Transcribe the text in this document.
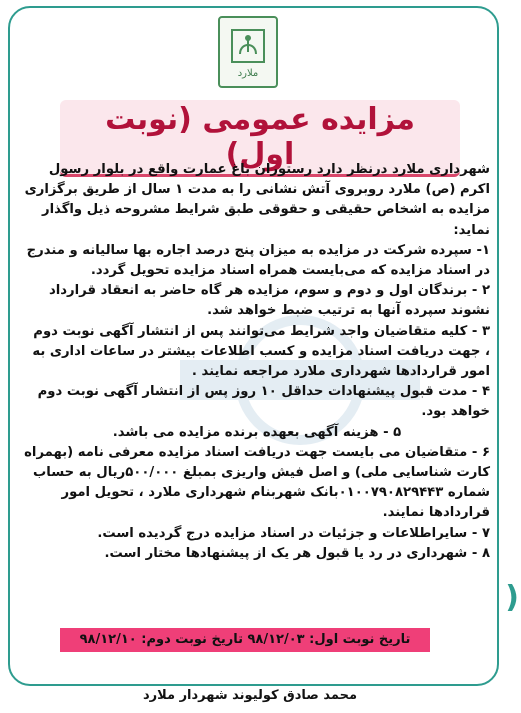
ملارد
مزایده عمومی (نوبت اول)

شهرداری ملارد درنظر دارد رستوران باغ عمارت واقع در بلوار رسول اکرم (ص) ملارد روبروی آتش نشانی را به مدت ۱ سال از طریق برگزاری مزایده به اشخاص حقیقی و حقوقی طبق شرایط مشروحه ذیل واگذار نماید:

۱- سپرده شرکت در مزایده به میزان پنج درصد اجاره بها سالیانه و مندرج در اسناد مزایده که می‌بایست همراه اسناد مزایده تحویل گردد.

۲ - برندگان اول و دوم و سوم، مزایده هر گاه حاضر به انعقاد قرارداد نشوند سپرده آنها به ترتیب ضبط خواهد شد.

۳ - کلیه متقاضیان واجد شرایط می‌توانند پس از انتشار آگهی نوبت دوم ، جهت دریافت اسناد مزایده و کسب اطلاعات بیشتر در ساعات اداری به امور قراردادها شهرداری ملارد مراجعه نمایند .

۴ - مدت قبول پیشنهادات حداقل ۱۰ روز پس از انتشار آگهی نوبت دوم خواهد بود.

۵ - هزینه آگهی بعهده برنده مزایده می باشد.

۶ - متقاضیان می بایست جهت دریافت اسناد مزایده معرفی نامه (بهمراه کارت شناسایی ملی) و اصل فیش واریزی بمبلغ ۵۰۰/۰۰۰ریال به حساب شماره ۰۱۰۰۷۹۰۸۲۹۴۴۳بانک شهربنام شهرداری ملارد ، تحویل امور قراردادها نمایند.

۷ - سایراطلاعات و جزئیات در اسناد مزایده درج گردیده است.

۸ - شهرداری در رد یا قبول هر یک از پیشنهادها مختار است.

تاریخ نوبت اول: ۹۸/۱۲/۰۳ تاریخ نوبت دوم: ۹۸/۱۲/۱۰
محمد صادق کولیوند شهردار ملارد
)
